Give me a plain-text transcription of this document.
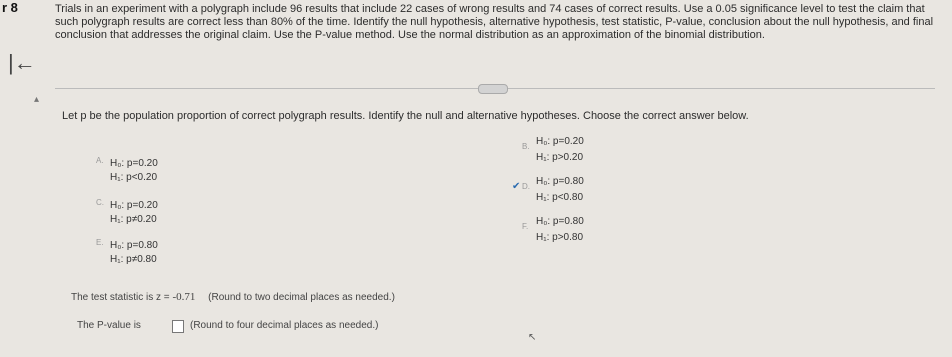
r 8
|←
Trials in an experiment with a polygraph include 96 results that include 22 cases of wrong results and 74 cases of correct results. Use a 0.05 significance level to test the claim that
such polygraph results are correct less than 80% of the time. Identify the null hypothesis, alternative hypothesis, test statistic, P-value, conclusion about the null hypothesis, and final
conclusion that addresses the original claim. Use the P-value method. Use the normal distribution as an approximation of the binomial distribution.
▴
Let p be the population proportion of correct polygraph results. Identify the null and alternative hypotheses. Choose the correct answer below.
A. H₀: p=0.20
H₁: p<0.20
C. H₀: p=0.20
H₁: p≠0.20
E. H₀: p=0.80
H₁: p≠0.80
B. H₀: p=0.20
H₁: p>0.20
✔ D. H₀: p=0.80
H₁: p<0.80
F. H₀: p=0.80
H₁: p>0.80
The test statistic is z = -0.71 (Round to two decimal places as needed.)
The P-value is	(Round to four decimal places as needed.)
↖
